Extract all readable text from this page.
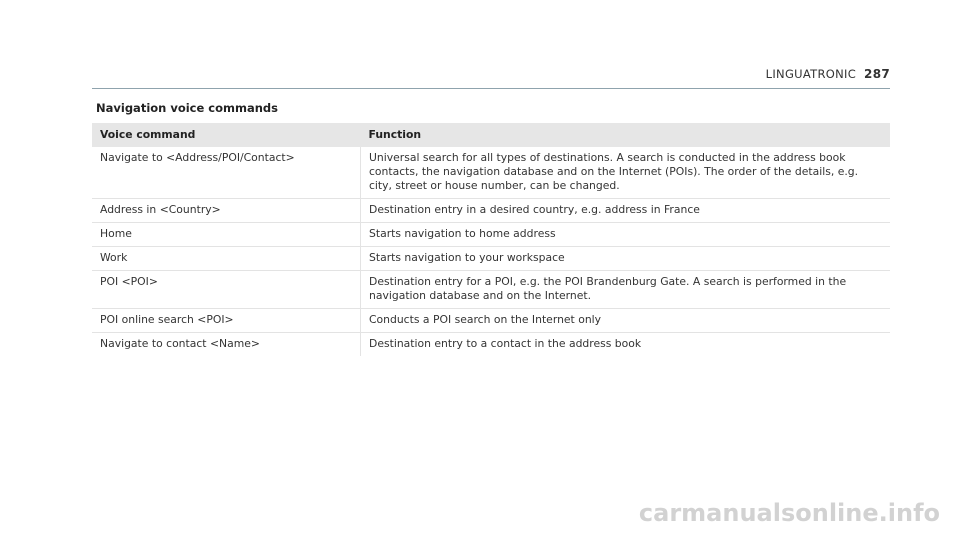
LINGUATRONIC 287
Navigation voice commands
Voice command	Function
Navigate to <Address/POI/Contact>	Universal search for all types of destinations. A search is conducted in the address book contacts, the navigation database and on the Internet (POIs). The order of the details, e.g. city, street or house number, can be changed.
Address in <Country>	Destination entry in a desired country, e.g. address in France
Home	Starts navigation to home address
Work	Starts navigation to your workspace
POI <POI>	Destination entry for a POI, e.g. the POI Brandenburg Gate. A search is performed in the navigation database and on the Internet.
POI online search <POI>	Conducts a POI search on the Internet only
Navigate to contact <Name>	Destination entry to a contact in the address book
carmanualsonline.info
